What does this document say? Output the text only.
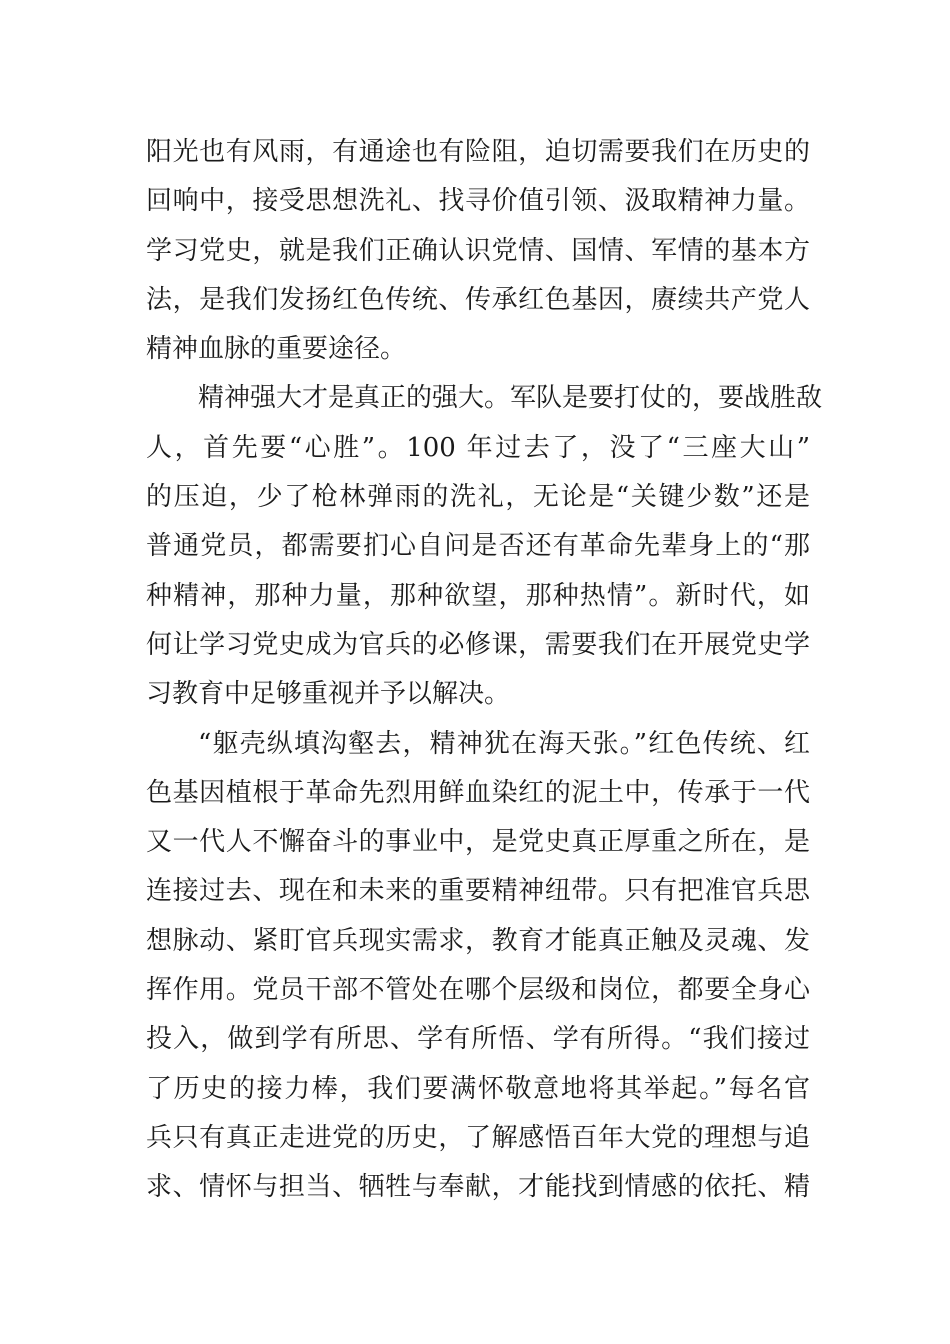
阳光也有风雨，有通途也有险阻，迫切需要我们在历史的
回响中，接受思想洗礼、找寻价值引领、汲取精神力量。
学习党史，就是我们正确认识党情、国情、军情的基本方
法，是我们发扬红色传统、传承红色基因，赓续共产党人
精神血脉的重要途径。
精神强大才是真正的强大。军队是要打仗的，要战胜敌
人，首先要“心胜”。100 年过去了，没了“三座大山”
的压迫，少了枪林弹雨的洗礼，无论是“关键少数”还是
普通党员，都需要扪心自问是否还有革命先辈身上的“那
种精神，那种力量，那种欲望，那种热情”。新时代，如
何让学习党史成为官兵的必修课，需要我们在开展党史学
习教育中足够重视并予以解决。
“躯壳纵填沟壑去，精神犹在海天张。”红色传统、红
色基因植根于革命先烈用鲜血染红的泥土中，传承于一代
又一代人不懈奋斗的事业中，是党史真正厚重之所在，是
连接过去、现在和未来的重要精神纽带。只有把准官兵思
想脉动、紧盯官兵现实需求，教育才能真正触及灵魂、发
挥作用。党员干部不管处在哪个层级和岗位，都要全身心
投入，做到学有所思、学有所悟、学有所得。“我们接过
了历史的接力棒，我们要满怀敬意地将其举起。”每名官
兵只有真正走进党的历史，了解感悟百年大党的理想与追
求、情怀与担当、牺牲与奉献，才能找到情感的依托、精
